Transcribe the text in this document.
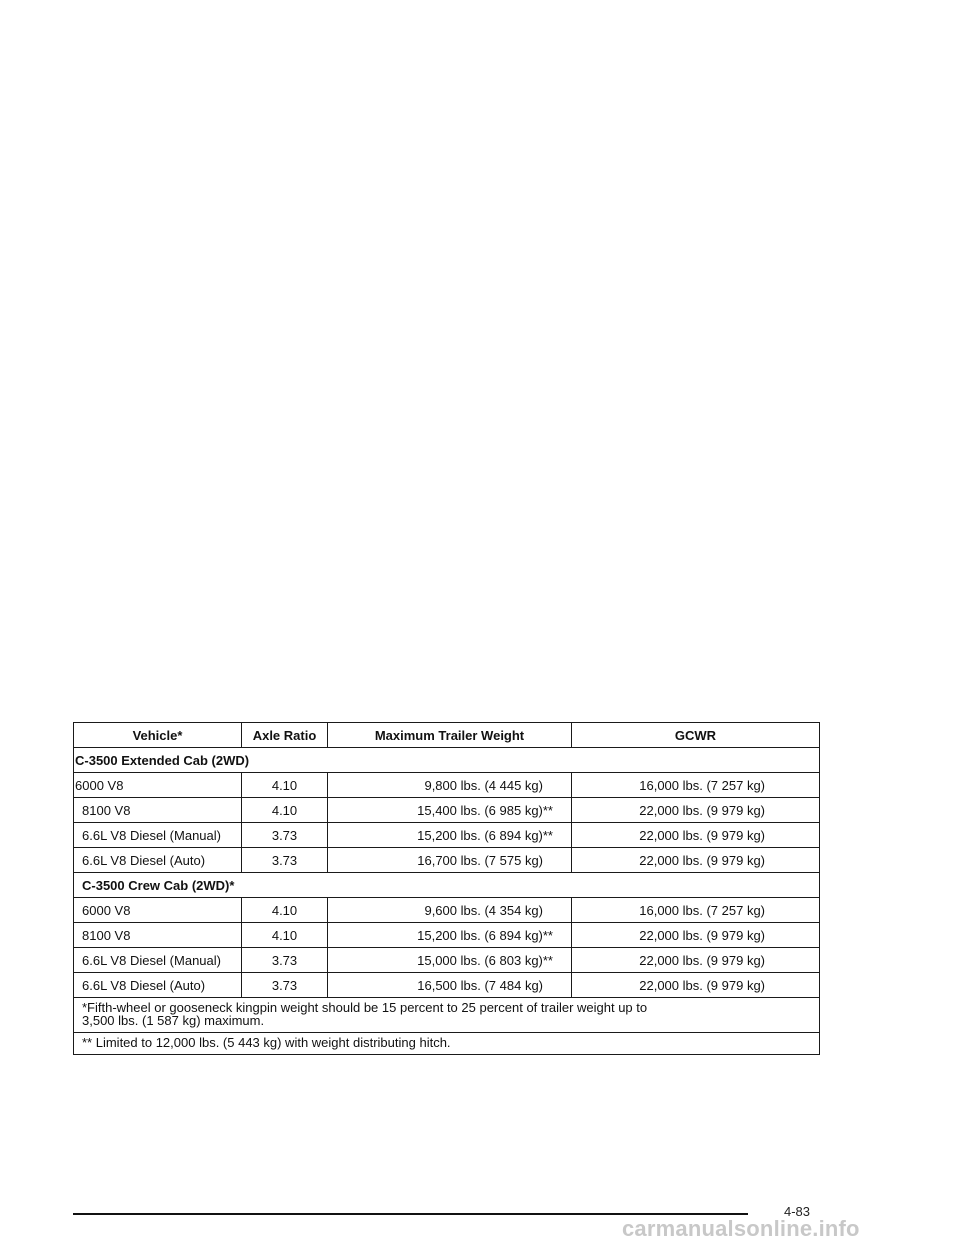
Vehicle*	Axle Ratio	Maximum Trailer Weight	GCWR
C-3500 Extended Cab (2WD)			
6000 V8	4.10	9,800 lbs. (4 445 kg)	16,000 lbs. (7 257 kg)
8100 V8	4.10	15,400 lbs. (6 985 kg)**	22,000 lbs. (9 979 kg)
6.6L V8 Diesel (Manual)	3.73	15,200 lbs. (6 894 kg)**	22,000 lbs. (9 979 kg)
6.6L V8 Diesel (Auto)	3.73	16,700 lbs. (7 575 kg)	22,000 lbs. (9 979 kg)
C-3500 Crew Cab (2WD)*			
6000 V8	4.10	9,600 lbs. (4 354 kg)	16,000 lbs. (7 257 kg)
8100 V8	4.10	15,200 lbs. (6 894 kg)**	22,000 lbs. (9 979 kg)
6.6L V8 Diesel (Manual)	3.73	15,000 lbs. (6 803 kg)**	22,000 lbs. (9 979 kg)
6.6L V8 Diesel (Auto)	3.73	16,500 lbs. (7 484 kg)	22,000 lbs. (9 979 kg)

*Fifth-wheel or gooseneck kingpin weight should be 15 percent to 25 percent of trailer weight up to
3,500 lbs. (1 587 kg) maximum.			

** Limited to 12,000 lbs. (5 443 kg) with weight distributing hitch.			
4-83
carmanualsonline.info
